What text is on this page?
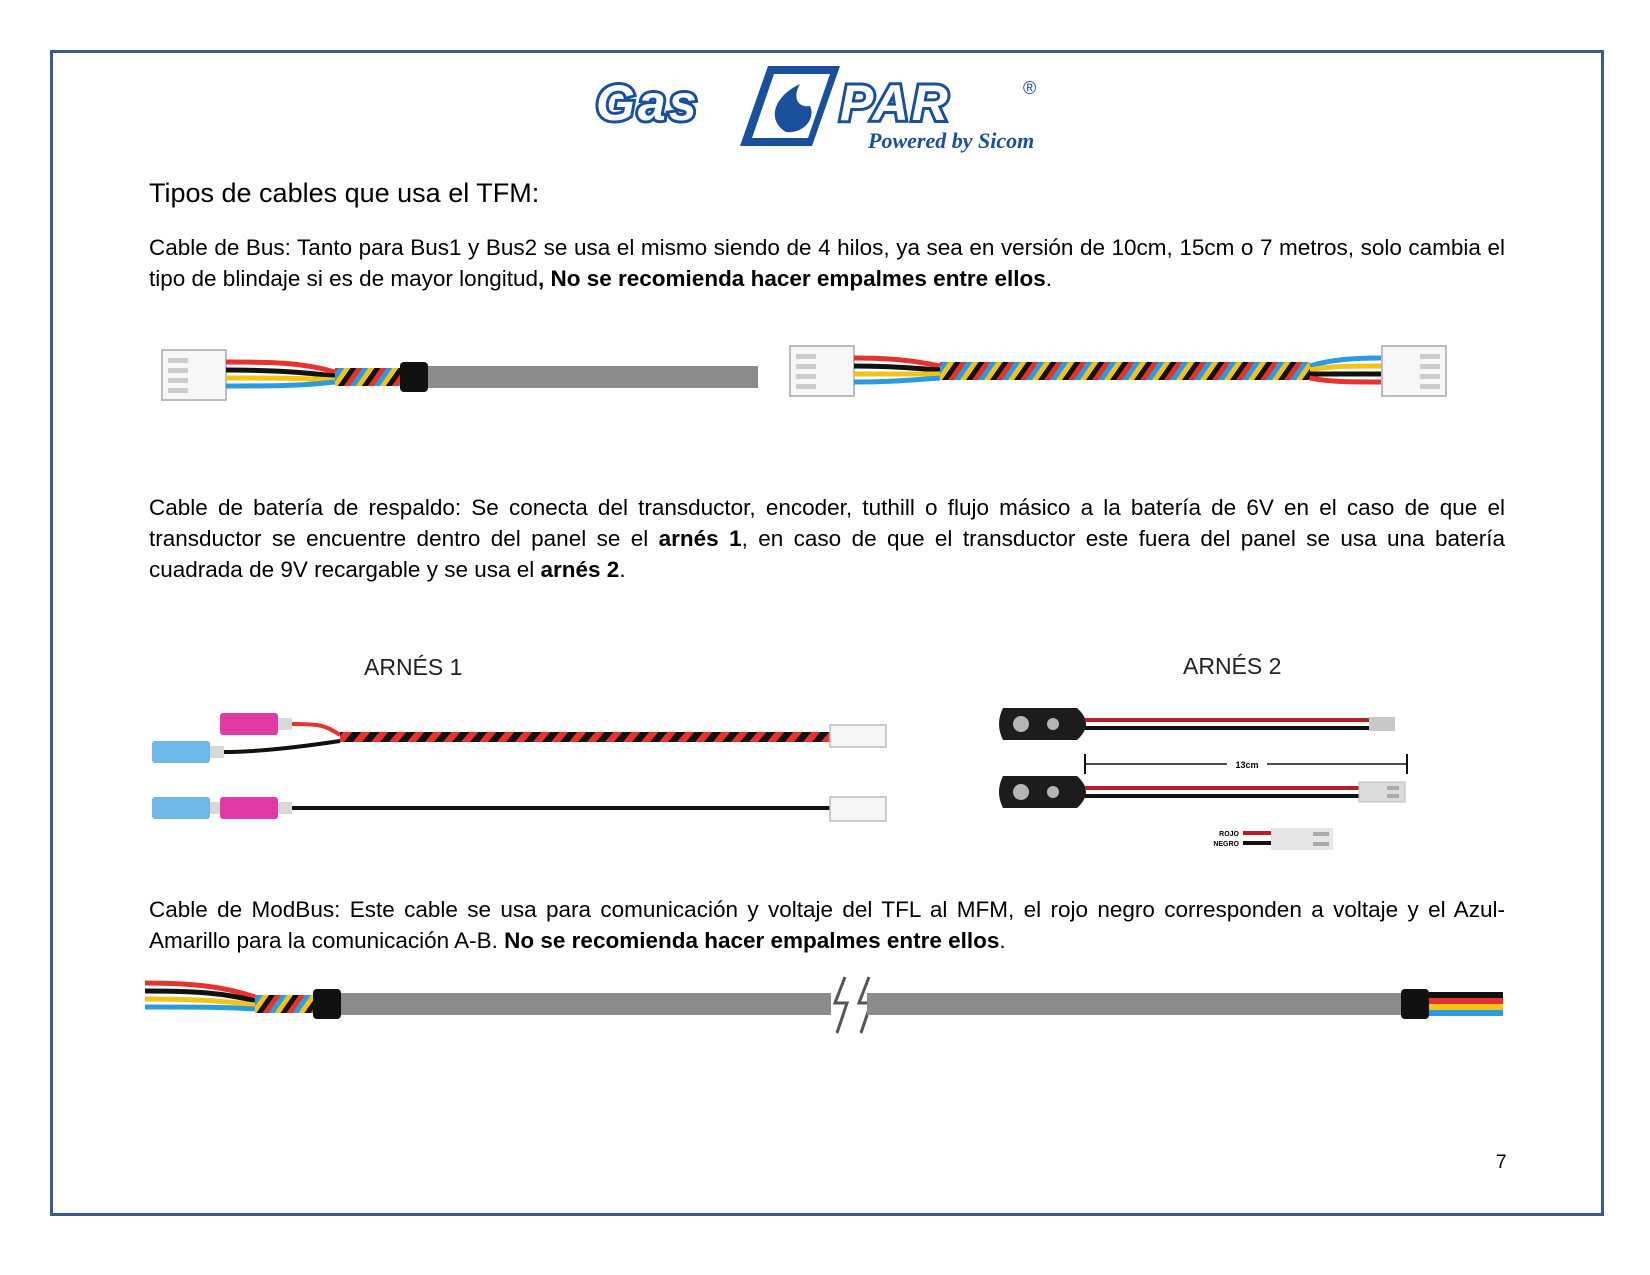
Gas	PAR	®
Powered by Sicom
Tipos de cables que usa el TFM:

Cable de Bus: Tanto para Bus1 y Bus2 se usa el mismo siendo de 4 hilos, ya sea en versión de 10cm, 15cm o 7 metros, solo cambia el tipo de blindaje si es de mayor longitud, No se recomienda hacer empalmes entre ellos.

Cable de batería de respaldo: Se conecta del transductor, encoder, tuthill o flujo másico a la batería de 6V en el caso de que el transductor se encuentre dentro del panel se el arnés 1, en caso de que el transductor este fuera del panel se usa una batería cuadrada de 9V recargable y se usa el arnés 2.

ARNÉS 1	ARNÉS 2
13cm
ROJO
NEGRO

Cable de ModBus: Este cable se usa para comunicación y voltaje del TFL al MFM, el rojo negro corresponden a voltaje y el Azul-Amarillo para la comunicación A-B. No se recomienda hacer empalmes entre ellos.

7
